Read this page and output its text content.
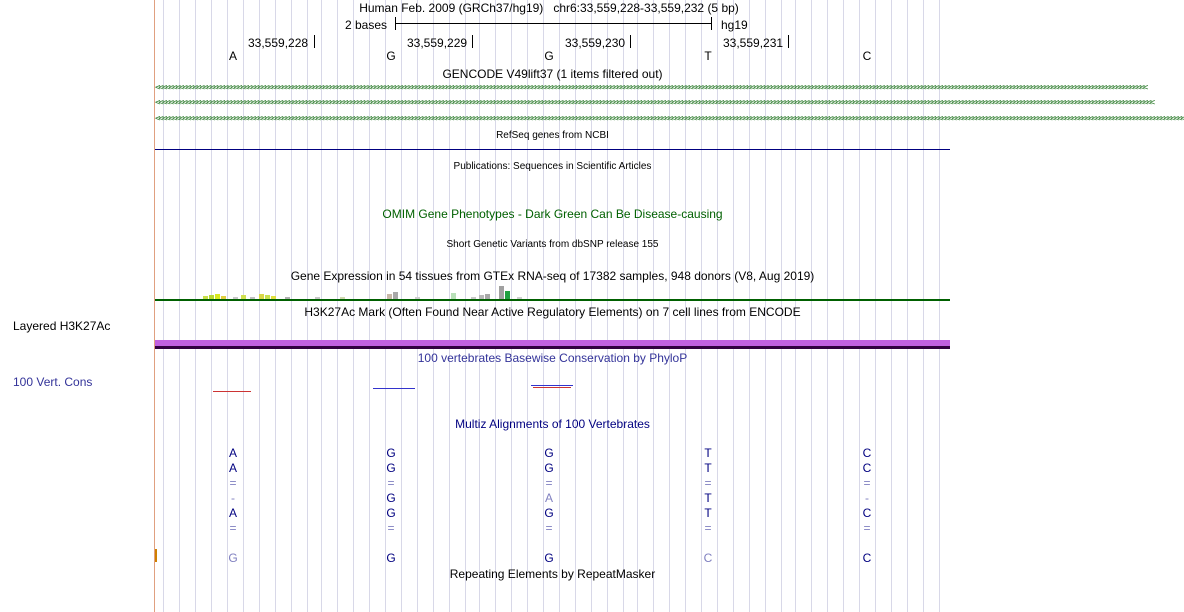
Layered H3K27Ac
100 Vert. Cons
Human Feb. 2009 (GRCh37/hg19) chr6:33,559,228-33,559,232 (5 bp)
2 bases	hg19
33,559,228	33,559,229	33,559,230	33,559,231
A	G	G	T	C
GENCODE V49lift37 (1 items filtered out)
<<<<<<<<<<<<<<<<<<<<<<<<<<<<<<<<<<<<<<<<<<<<<<<<<<<<<<<<<<<<<<<<<<<<<<<<<<<<<<<<<<<<<<<<<<<<<<<<<<<<<<<<<<<<<<<<<<<<<<<<<<<<<<<<<<<<<<<<<<<<<<<<<<<<<<<<<<<<<<<<<<<<<<<<<<<<<<<<<<<<<<<<<<<<<<<<<<<<<<<<<<<<<<<<<<<<<<<<<<<<<<<<<<<<<<<<<<<<<<<<<<<<<<<<<<<<<<<<<<<<<<<<<<<<<<<<<<<<<<<<<<<<<<<<<<
<<<<<<<<<<<<<<<<<<<<<<<<<<<<<<<<<<<<<<<<<<<<<<<<<<<<<<<<<<<<<<<<<<<<<<<<<<<<<<<<<<<<<<<<<<<<<<<<<<<<<<<<<<<<<<<<<<<<<<<<<<<<<<<<<<<<<<<<<<<<<<<<<<<<<<<<<<<<<<<<<<<<<<<<<<<<<<<<<<<<<<<<<<<<<<<<<<<<<<<<<<<<<<<<<<<<<<<<<<<<<<<<<<<<<<<<<<<<<<<<<<<<<<<<<<<<<<<<<<<<<<<<<<<<<<<<<<<<<<<<<<<<<<<<<<<<
<<<<<<<<<<<<<<<<<<<<<<<<<<<<<<<<<<<<<<<<<<<<<<<<<<<<<<<<<<<<<<<<<<<<<<<<<<<<<<<<<<<<<<<<<<<<<<<<<<<<<<<<<<<<<<<<<<<<<<<<<<<<<<<<<<<<<<<<<<<<<<<<<<<<<<<<<<<<<<<<<<<<<<<<<<<<<<<<<<<<<<<<<<<<<<<<<<<<<<<<<<<<<<<<<<<<<<<<<<<<<<<<<<<<<<<<<<<<<<<<<<<<<<<<<<<<<<<<<<<<<<<<<<<<<<<<<<<<<<<<<<<<<<<<<<<<<<<<<<<<<
RefSeq genes from NCBI
Publications: Sequences in Scientific Articles
OMIM Gene Phenotypes - Dark Green Can Be Disease-causing
Short Genetic Variants from dbSNP release 155
Gene Expression in 54 tissues from GTEx RNA-seq of 17382 samples, 948 donors (V8, Aug 2019)
H3K27Ac Mark (Often Found Near Active Regulatory Elements) on 7 cell lines from ENCODE
100 vertebrates Basewise Conservation by PhyloP
Multiz Alignments of 100 Vertebrates
A	G	G	T	C
A	G	G	T	C
=	=	=	=	=
-	G	A	T	-
A	G	G	T	C
=	=	=	=	=
G	G	G	C	C
Repeating Elements by RepeatMasker
